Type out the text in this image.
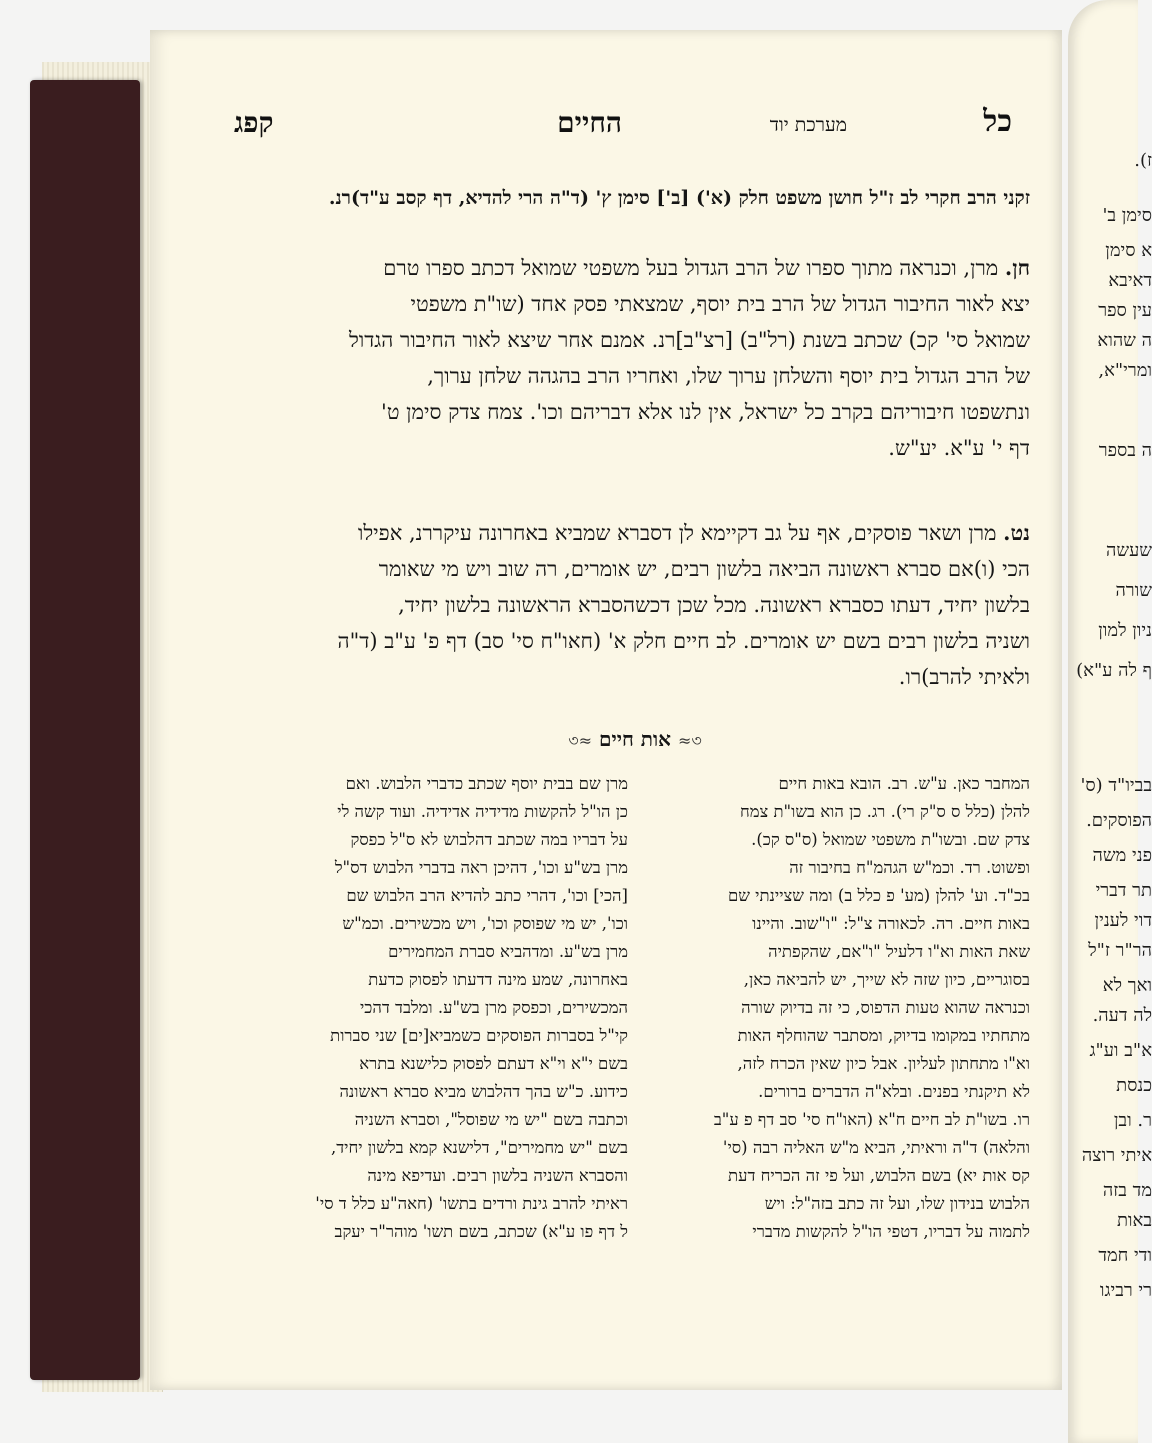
כל
מערכת יוד
החיים
קפג
זקני הרב חקרי לב ז"ל חושן משפט חלק (א') [ב'] סימן ץ' (ד"ה הרי להדיא, דף קסב ע"ד)רנ.
חן. מרן, וכנראה מתוך ספרו של הרב הגדול בעל משפטי שמואל דכתב ספרו טרם
יצא לאור החיבור הגדול של הרב בית יוסף, שמצאתי פסק אחד (שו"ת משפטי
שמואל סי' קכ) שכתב בשנת (רל"ב) [רצ"ב]רנ. אמנם אחר שיצא לאור החיבור הגדול
של הרב הגדול בית יוסף והשלחן ערוך שלו, ואחריו הרב בהגהה שלחן ערוך,
ונתשפטו חיבוריהם בקרב כל ישראל, אין לנו אלא דבריהם וכו'. צמח צדק סימן ט'
דף י' ע"א. יע"ש.
נט. מרן ושאר פוסקים, אף על גב דקיימא לן דסברא שמביא באחרונה עיקררנ, אפילו
הכי (ו)אם סברא ראשונה הביאה בלשון רבים, יש אומרים, רה שוב ויש מי שאומר
בלשון יחיד, דעתו כסברא ראשונה. מכל שכן דכשהסברא הראשונה בלשון יחיד,
ושניה בלשון רבים בשם יש אומרים. לב חיים חלק א' (חאו"ח סי' סב) דף פ' ע"ב (ד"ה
ולאיתי להרב)רו.
৩≈ אות חיים ≈৩
המחבר כאן. ע"ש. רב. הובא באות חיים
להלן (כלל ס ס"ק רי). רג. כן הוא בשו"ת צמח
צדק שם. ובשו"ת משפטי שמואל (ס"ס קכ).
ופשוט. רד. וכמ"ש הגהמ"ח בחיבור זה
בכ"ד. וע' להלן (מע' פ כלל ב) ומה שציינתי שם
באות חיים. רה. לכאורה צ"ל: "ו"שוב. והיינו
שאת האות וא"ו דלעיל "ו"אם, שהקפתיה
בסוגריים, כיון שזה לא שייך, יש להביאה כאן,
וכנראה שהוא טעות הדפוס, כי זה בדיוק שורה
מתחתיו במקומו בדיוק, ומסתבר שהוחלף האות
וא"ו מתחתון לעליון. אבל כיון שאין הכרח לזה,
לא תיקנתי בפנים. ובלא"ה הדברים ברורים.
רו. בשו"ת לב חיים ח"א (האו"ח סי' סב דף פ ע"ב
והלאה) ד"ה וראיתי, הביא מ"ש האליה רבה (סי'
קס אות יא) בשם הלבוש, ועל פי זה הכריח דעת
הלבוש בנידון שלו, ועל זה כתב בזה"ל: ויש
לתמוה על דבריו, דטפי הו"ל להקשות מדברי
מרן שם בבית יוסף שכתב כדברי הלבוש. ואם
כן הו"ל להקשות מדידיה אדידיה. ועוד קשה לי
על דבריו במה שכתב דהלבוש לא ס"ל כפסק
מרן בש"ע וכו', דהיכן ראה בדברי הלבוש דס"ל
[הכי] וכו', דהרי כתב להדיא הרב הלבוש שם
וכו', יש מי שפוסק וכו', ויש מכשירים. וכמ"ש
מרן בש"ע. ומדהביא סברת המחמירים
באחרונה, שמע מינה דדעתו לפסוק כדעת
המכשירים, וכפסק מרן בש"ע. ומלבד דהכי
קי"ל בסברות הפוסקים כשמביא[ים] שני סברות
בשם י"א וי"א דעתם לפסוק כלישנא בתרא
כידוע. כ"ש בהך דהלבוש מביא סברא ראשונה
וכתבה בשם "יש מי שפוסל", וסברא השניה
בשם "יש מחמירים", דלישנא קמא בלשון יחיד,
והסברא השניה בלשון רבים. ועדיפא מינה
ראיתי להרב גינת ורדים בתשו' (חאה"ע כלל ד סי'
ל דף פו ע"א) שכתב, בשם תשו' מוהר"ר יעקב
ז).
סימן ב'
א סימן
דאיבא
עין ספר
ה שהוא
ומרי"א,
ה בספר
שעשה
שורה
ניון למון
ף לה ע"א)
בביו"ד (ס'
הפוסקים.
פני משה
תר דברי
דוי לענין
הר"ר ז"ל
ואך לא
לה דעה.
א"ב וע"ג
כנסת
ר. ובן
איתי רוצה
מד בזה
באות
ודי חמד
רי רביגו
